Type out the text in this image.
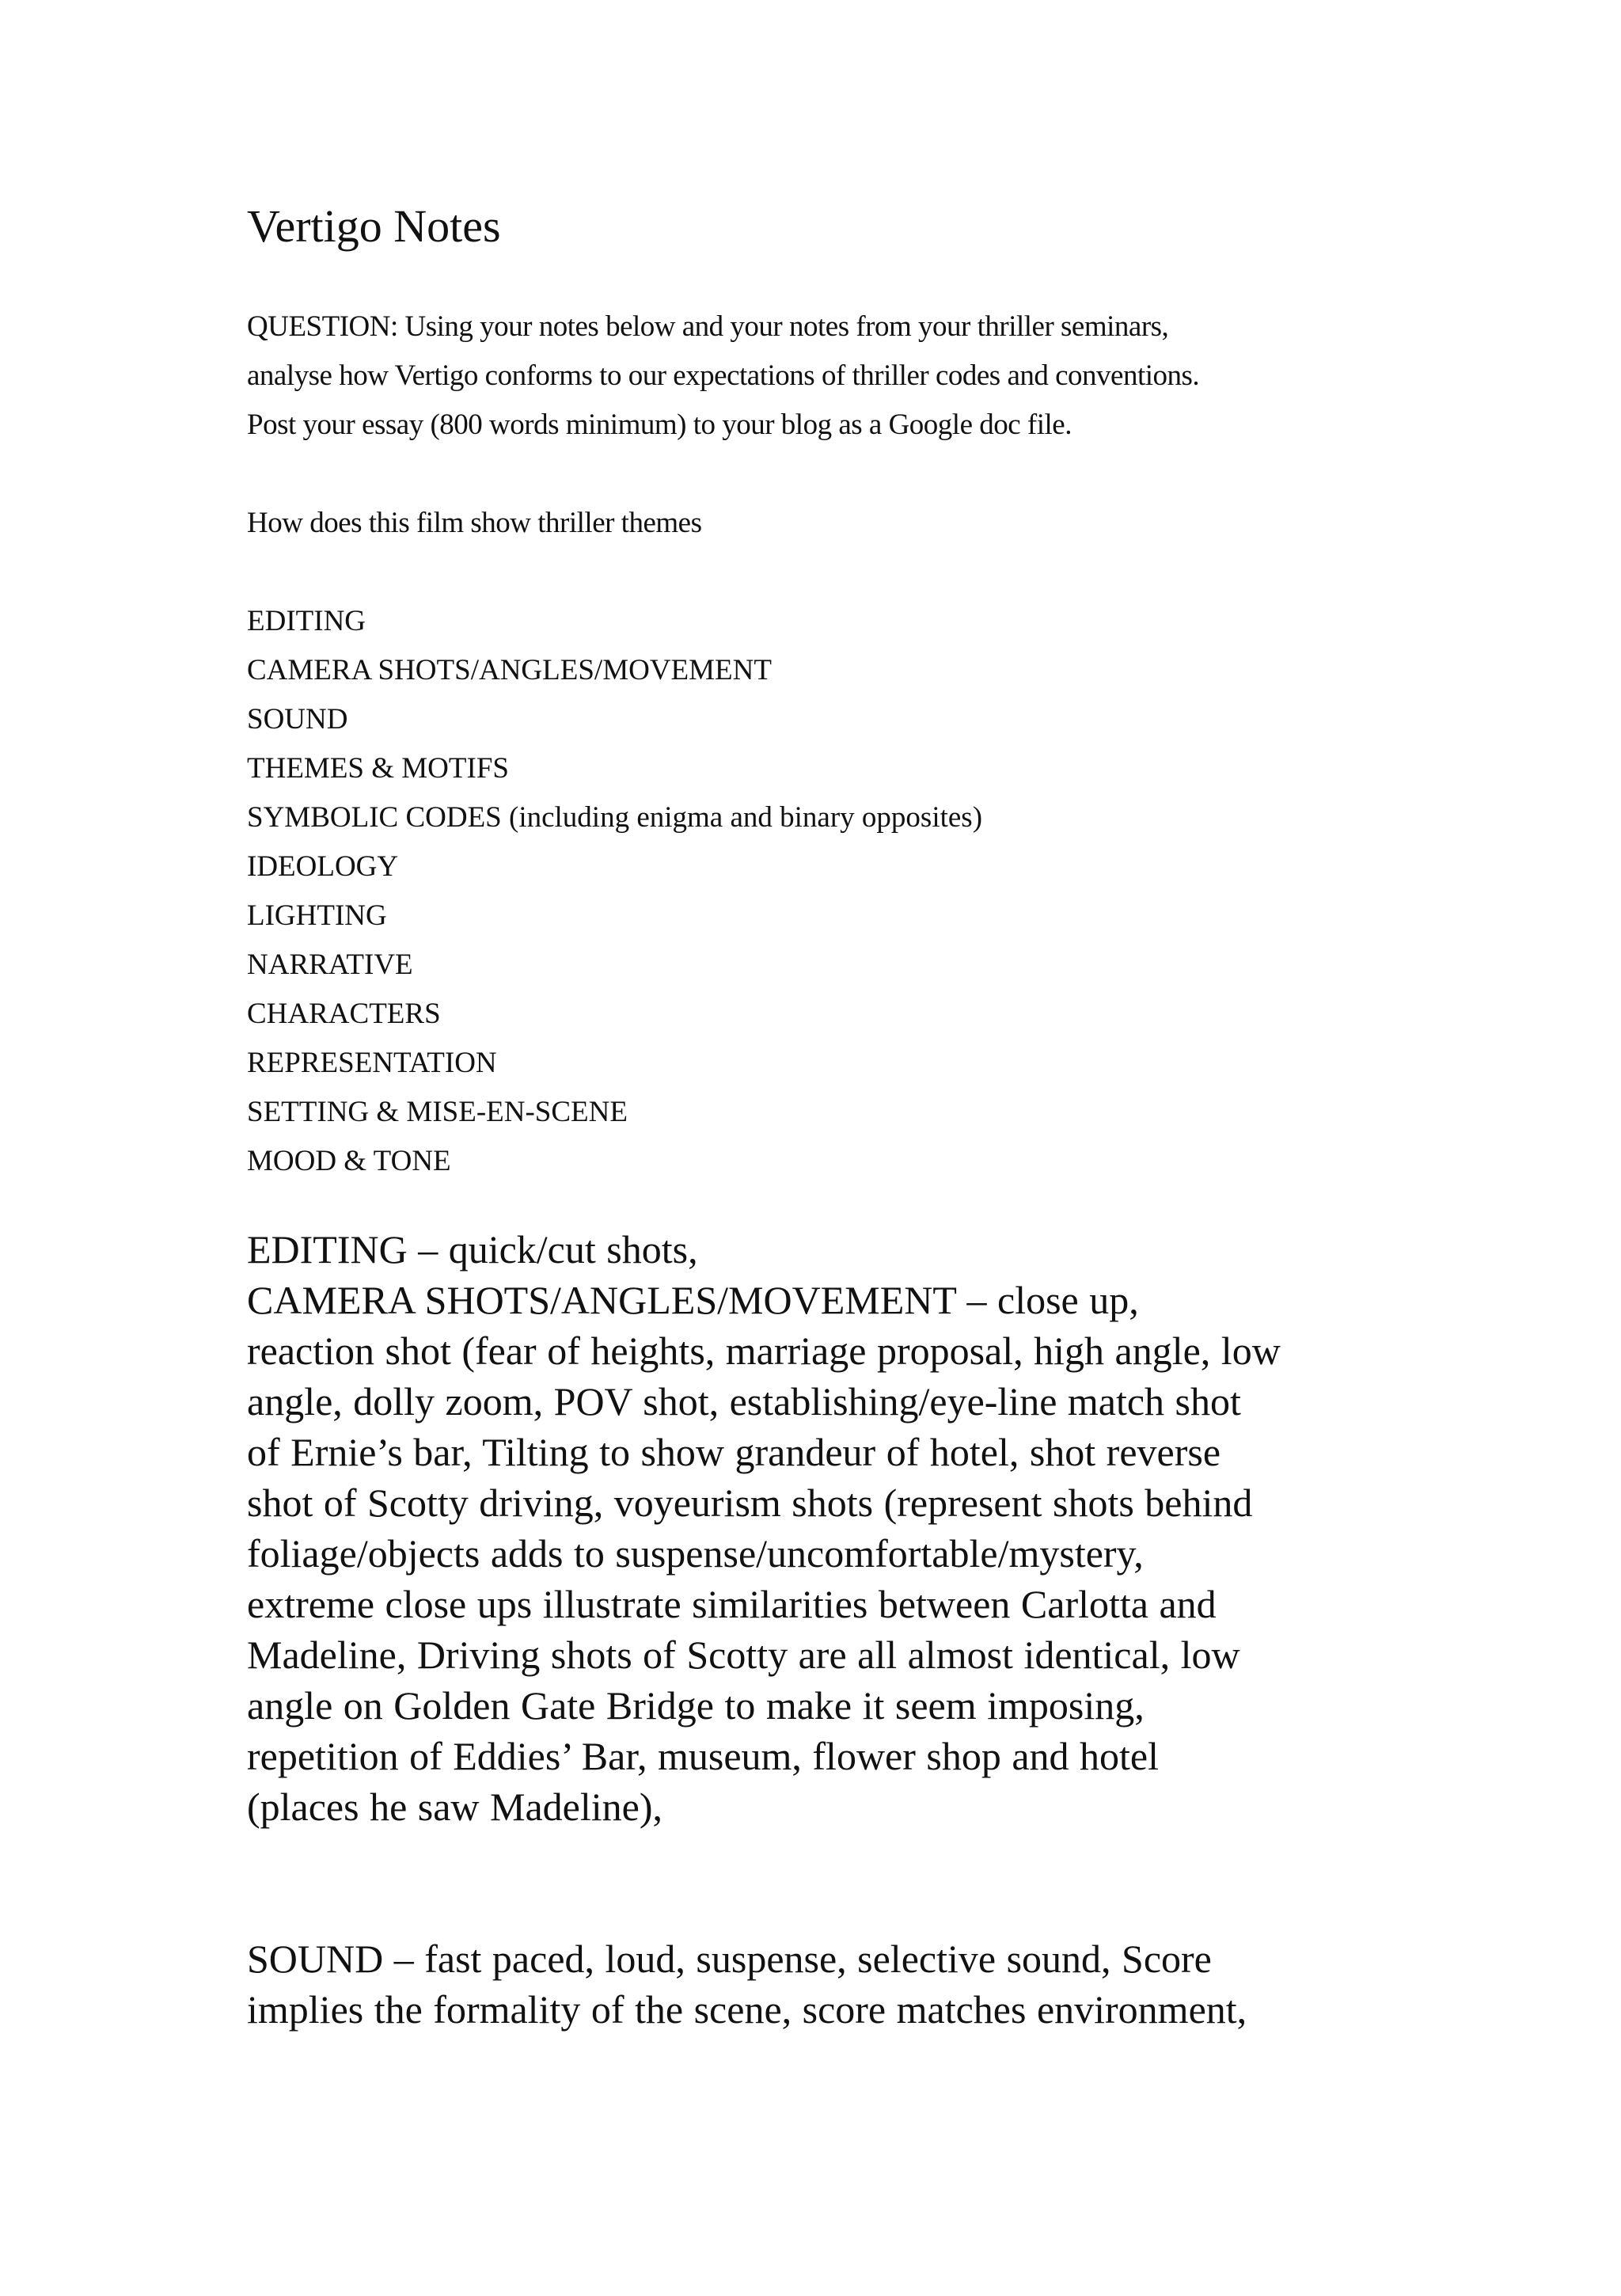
Vertigo Notes

QUESTION: Using your notes below and your notes from your thriller seminars,
analyse how Vertigo conforms to our expectations of thriller codes and conventions.
Post your essay (800 words minimum) to your blog as a Google doc file.

How does this film show thriller themes

EDITING
CAMERA SHOTS/ANGLES/MOVEMENT
SOUND
THEMES & MOTIFS
SYMBOLIC CODES (including enigma and binary opposites)
IDEOLOGY
LIGHTING
NARRATIVE
CHARACTERS
REPRESENTATION
SETTING & MISE-EN-SCENE
MOOD & TONE

EDITING – quick/cut shots,
CAMERA SHOTS/ANGLES/MOVEMENT – close up,
reaction shot (fear of heights, marriage proposal, high angle, low
angle, dolly zoom, POV shot, establishing/eye-line match shot
of Ernie’s bar, Tilting to show grandeur of hotel, shot reverse
shot of Scotty driving, voyeurism shots (represent shots behind
foliage/objects adds to suspense/uncomfortable/mystery,
extreme close ups illustrate similarities between Carlotta and
Madeline, Driving shots of Scotty are all almost identical, low
angle on Golden Gate Bridge to make it seem imposing,
repetition of Eddies’ Bar, museum, flower shop and hotel
(places he saw Madeline),

SOUND – fast paced, loud, suspense, selective sound, Score
implies the formality of the scene, score matches environment,
